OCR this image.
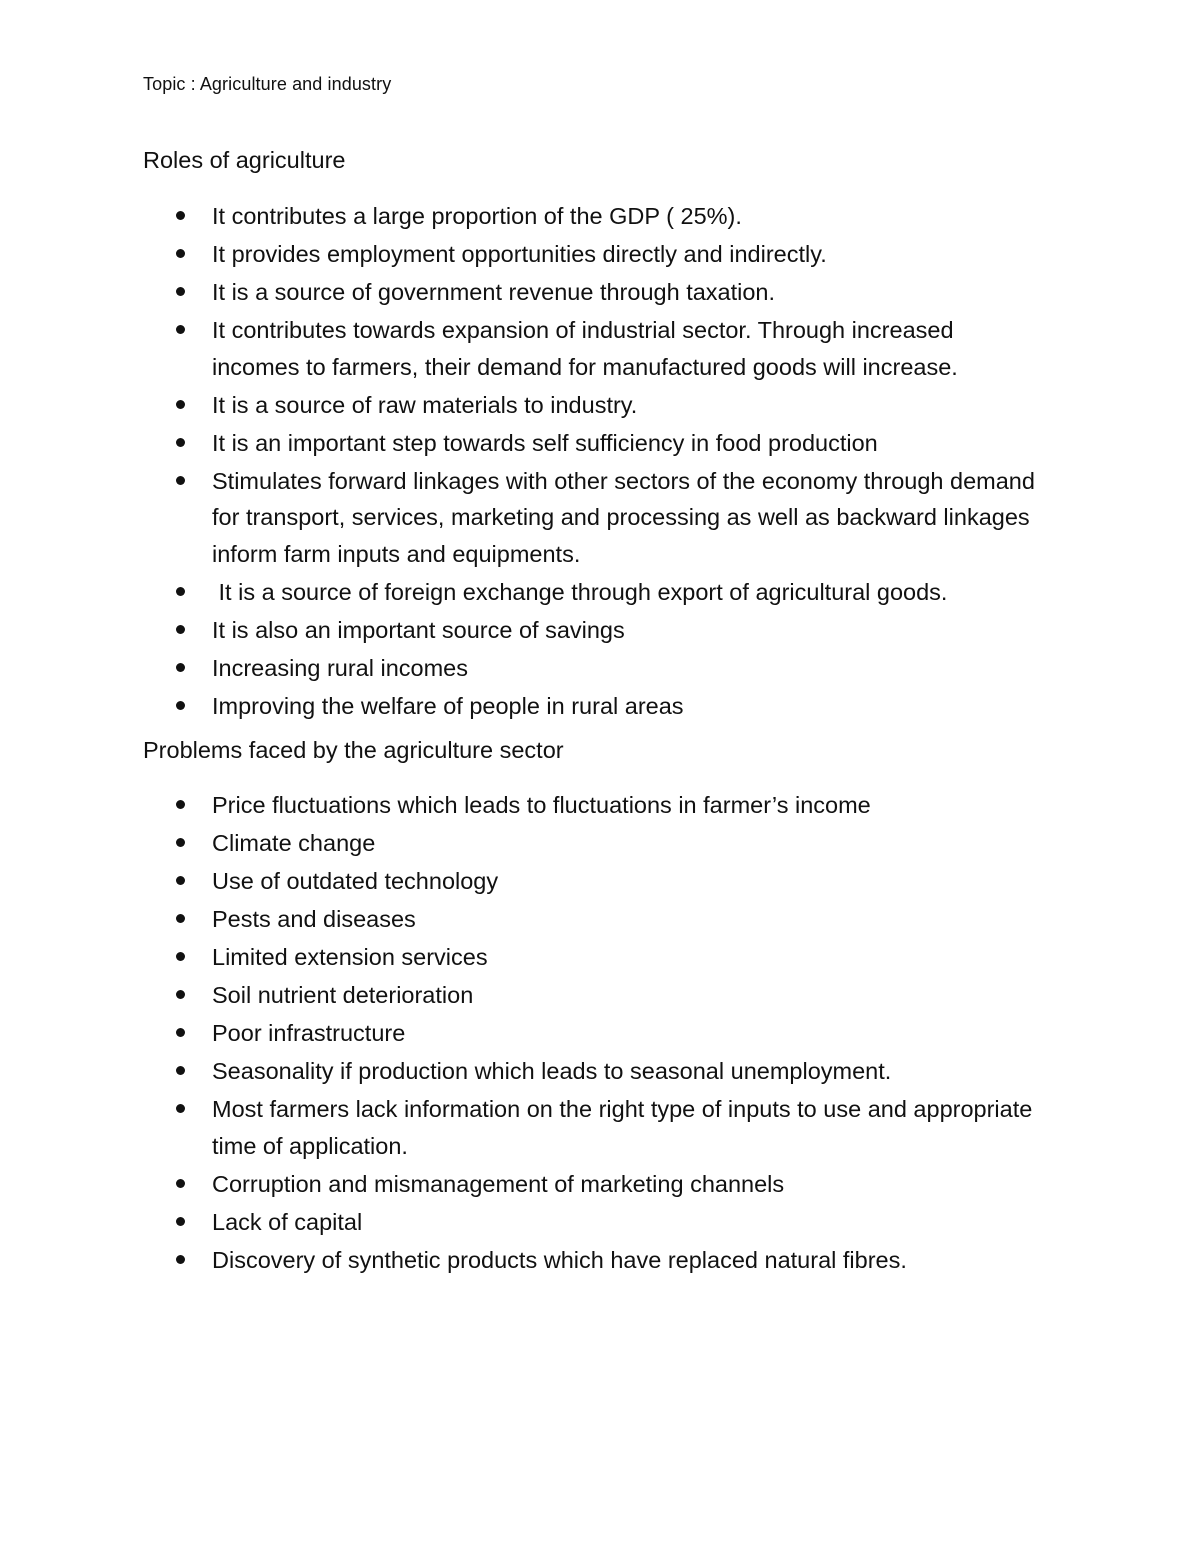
Topic : Agriculture and industry
Roles of agriculture
It contributes a large proportion of the GDP ( 25%).
It provides employment opportunities directly and indirectly.
It is a source of government revenue through taxation.
It contributes towards expansion of industrial sector. Through increased incomes to farmers, their demand for manufactured goods will increase.
It is a source of raw materials to industry.
It is an important step towards self sufficiency in food production
Stimulates forward linkages with other sectors of the economy through demand for transport, services, marketing and processing as well as backward linkages inform farm inputs and equipments.
It is a source of foreign exchange through export of agricultural goods.
It is also an important source of savings
Increasing rural incomes
Improving the welfare of people in rural areas
Problems faced by the agriculture sector
Price fluctuations which leads to fluctuations in farmer’s income
Climate change
Use of outdated technology
Pests and diseases
Limited extension services
Soil nutrient deterioration
Poor infrastructure
Seasonality if production which leads to seasonal unemployment.
Most farmers lack information on the right type of inputs to use and appropriate time of application.
Corruption and mismanagement of marketing channels
Lack of capital
Discovery of synthetic products which have replaced natural fibres.
